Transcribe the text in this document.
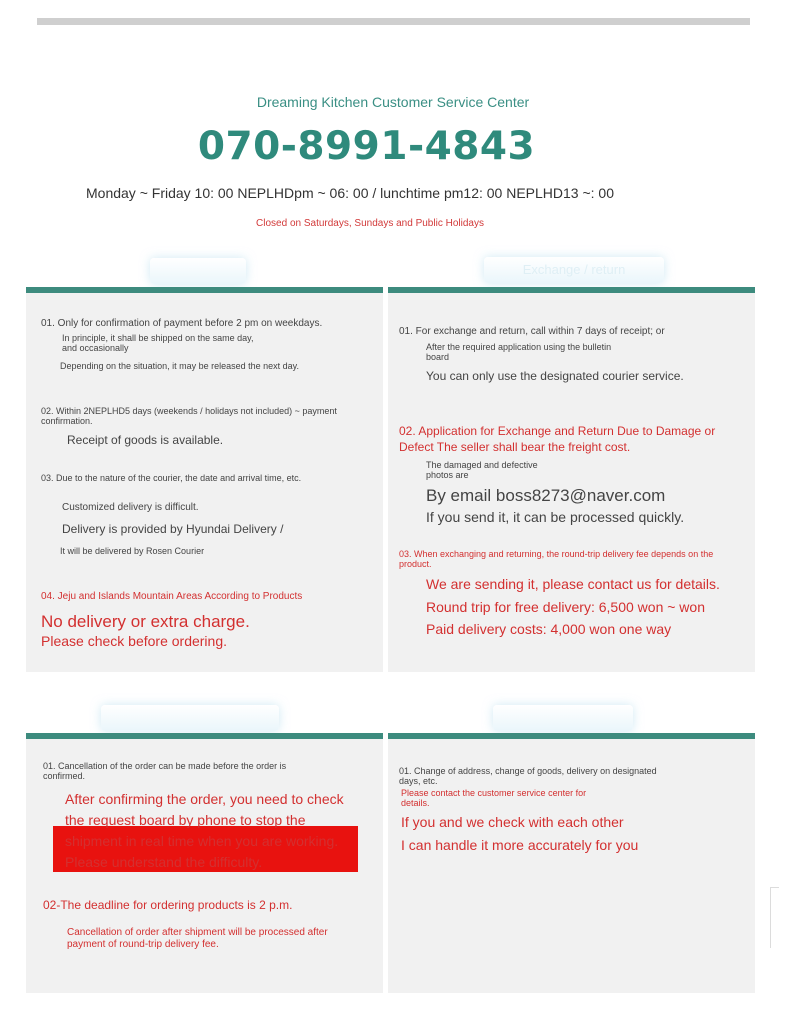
Dreaming Kitchen Customer Service Center
070-8991-4843
Monday ~ Friday 10: 00 NEPLHDpm ~ 06: 00 / lunchtime pm12: 00 NEPLHD13 ~: 00
Closed on Saturdays, Sundays and Public Holidays
Exchange / return
01. Only for confirmation of payment before 2 pm on weekdays.
In principle, it shall be shipped on the same day,
and occasionally
Depending on the situation, it may be released the next day.
02. Within 2NEPLHD5 days (weekends / holidays not included) ~ payment confirmation.
Receipt of goods is available.
03. Due to the nature of the courier, the date and arrival time, etc.
Customized delivery is difficult.
Delivery is provided by Hyundai Delivery /
It will be delivered by Rosen Courier
04. Jeju and Islands Mountain Areas According to Products
No delivery or extra charge.
Please check before ordering.
01. For exchange and return, call within 7 days of receipt; or
After the required application using the bulletin board
You can only use the designated courier service.
02. Application for Exchange and Return Due to Damage or Defect The seller shall bear the freight cost.
The damaged and defective photos are
By email boss8273@naver.com
If you send it, it can be processed quickly.
03. When exchanging and returning, the round-trip delivery fee depends on the product.
We are sending it, please contact us for details.
Round trip for free delivery: 6,500 won ~ won
Paid delivery costs: 4,000 won one way
01. Cancellation of the order can be made before the order is confirmed.
After confirming the order, you need to check the request board by phone to stop the shipment in real time when you are working. Please understand the difficulty.
02-The deadline for ordering products is 2 p.m.
Cancellation of order after shipment will be processed after payment of round-trip delivery fee.
01. Change of address, change of goods, delivery on designated days, etc.
Please contact the customer service center for details.
If you and we check with each other
I can handle it more accurately for you
